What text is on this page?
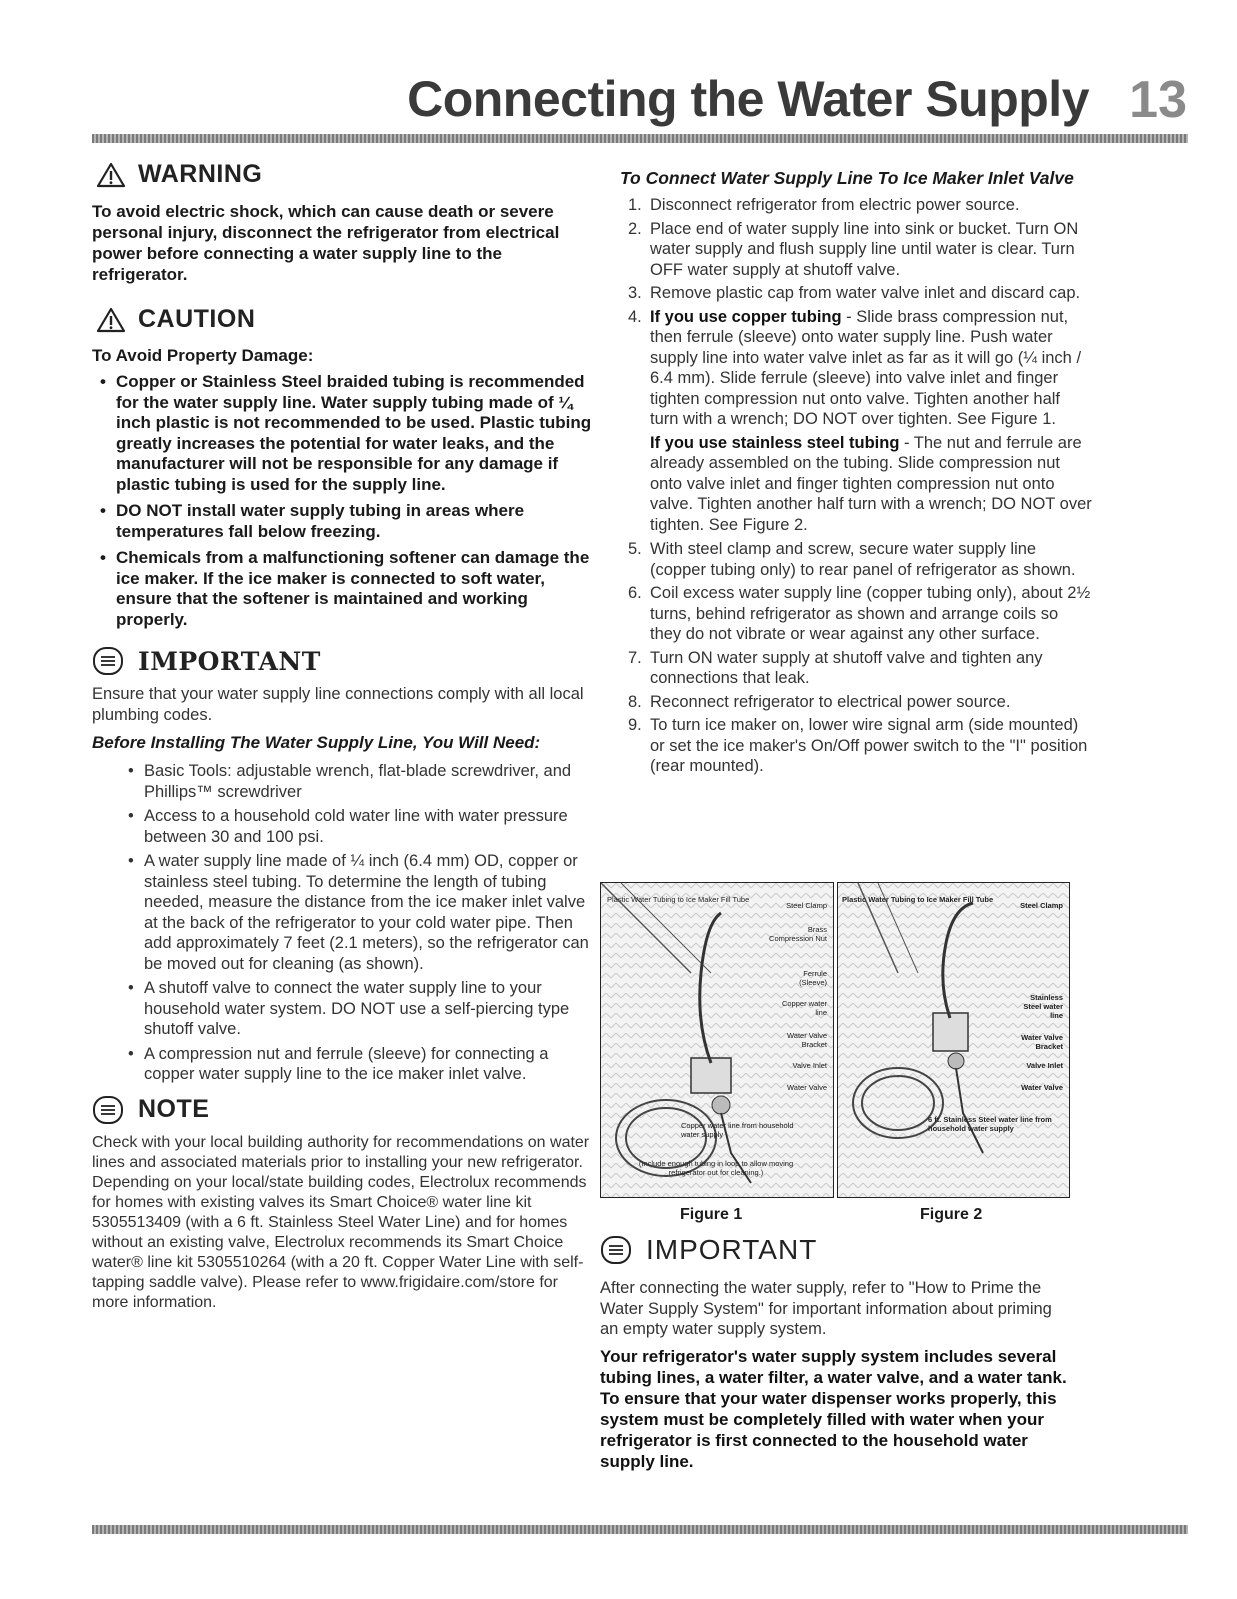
Connecting the Water Supply 13
WARNING

To avoid electric shock, which can cause death or severe personal injury, disconnect the refrigerator from electrical power before connecting a water supply line to the refrigerator.

CAUTION

To Avoid Property Damage:

• Copper or Stainless Steel braided tubing is recommended for the water supply line. Water supply tubing made of ¼ inch plastic is not recommended to be used. Plastic tubing greatly increases the potential for water leaks, and the manufacturer will not be responsible for any damage if plastic tubing is used for the supply line.
• DO NOT install water supply tubing in areas where temperatures fall below freezing.
• Chemicals from a malfunctioning softener can damage the ice maker. If the ice maker is connected to soft water, ensure that the softener is maintained and working properly.
IMPORTANT

Ensure that your water supply line connections comply with all local plumbing codes.

Before Installing The Water Supply Line, You Will Need:

• Basic Tools: adjustable wrench, flat-blade screwdriver, and Phillips™ screwdriver
• Access to a household cold water line with water pressure between 30 and 100 psi.
• A water supply line made of ¼ inch (6.4 mm) OD, copper or stainless steel tubing. To determine the length of tubing needed, measure the distance from the ice maker inlet valve at the back of the refrigerator to your cold water pipe. Then add approximately 7 feet (2.1 meters), so the refrigerator can be moved out for cleaning (as shown).
• A shutoff valve to connect the water supply line to your household water system. DO NOT use a self-piercing type shutoff valve.
• A compression nut and ferrule (sleeve) for connecting a copper water supply line to the ice maker inlet valve.
NOTE

Check with your local building authority for recommendations on water lines and associated materials prior to installing your new refrigerator. Depending on your local/state building codes, Electrolux recommends for homes with existing valves its Smart Choice® water line kit 5305513409 (with a 6 ft. Stainless Steel Water Line) and for homes without an existing valve, Electrolux recommends its Smart Choice water® line kit 5305510264 (with a 20 ft. Copper Water Line with self-tapping saddle valve). Please refer to www.frigidaire.com/store for more information.

To Connect Water Supply Line To Ice Maker Inlet Valve

1. Disconnect refrigerator from electric power source.
2. Place end of water supply line into sink or bucket. Turn ON water supply and flush supply line until water is clear. Turn OFF water supply at shutoff valve.
3. Remove plastic cap from water valve inlet and discard cap.
4. If you use copper tubing - Slide brass compression nut, then ferrule (sleeve) onto water supply line. Push water supply line into water valve inlet as far as it will go (¼ inch / 6.4 mm). Slide ferrule (sleeve) into valve inlet and finger tighten compression nut onto valve. Tighten another half turn with a wrench; DO NOT over tighten. See Figure 1.

If you use stainless steel tubing - The nut and ferrule are already assembled on the tubing. Slide compression nut onto valve inlet and finger tighten compression nut onto valve. Tighten another half turn with a wrench; DO NOT over tighten. See Figure 2.

5. With steel clamp and screw, secure water supply line (copper tubing only) to rear panel of refrigerator as shown.
6. Coil excess water supply line (copper tubing only), about 2½ turns, behind refrigerator as shown and arrange coils so they do not vibrate or wear against any other surface.
7. Turn ON water supply at shutoff valve and tighten any connections that leak.
8. Reconnect refrigerator to electrical power source.
9. To turn ice maker on, lower wire signal arm (side mounted) or set the ice maker's On/Off power switch to the "I" position (rear mounted).
Plastic Water Tubing to Ice Maker Fill Tube
Steel Clamp
Brass Compression Nut
Ferrule (Sleeve)
Copper water line
Water Valve Bracket
Valve Inlet
Water Valve
Copper water line from household water supply
(Include enough tubing in loop to allow moving refrigerator out for cleaning.)
Plastic Water Tubing to Ice Maker Fill Tube
Steel Clamp
Stainless Steel water line
Water Valve Bracket
Valve Inlet
Water Valve
6 ft. Stainless Steel water line from household water supply
Figure 1	Figure 2
IMPORTANT

After connecting the water supply, refer to "How to Prime the Water Supply System" for important information about priming an empty water supply system.

Your refrigerator's water supply system includes several tubing lines, a water filter, a water valve, and a water tank. To ensure that your water dispenser works properly, this system must be completely filled with water when your refrigerator is first connected to the household water supply line.
